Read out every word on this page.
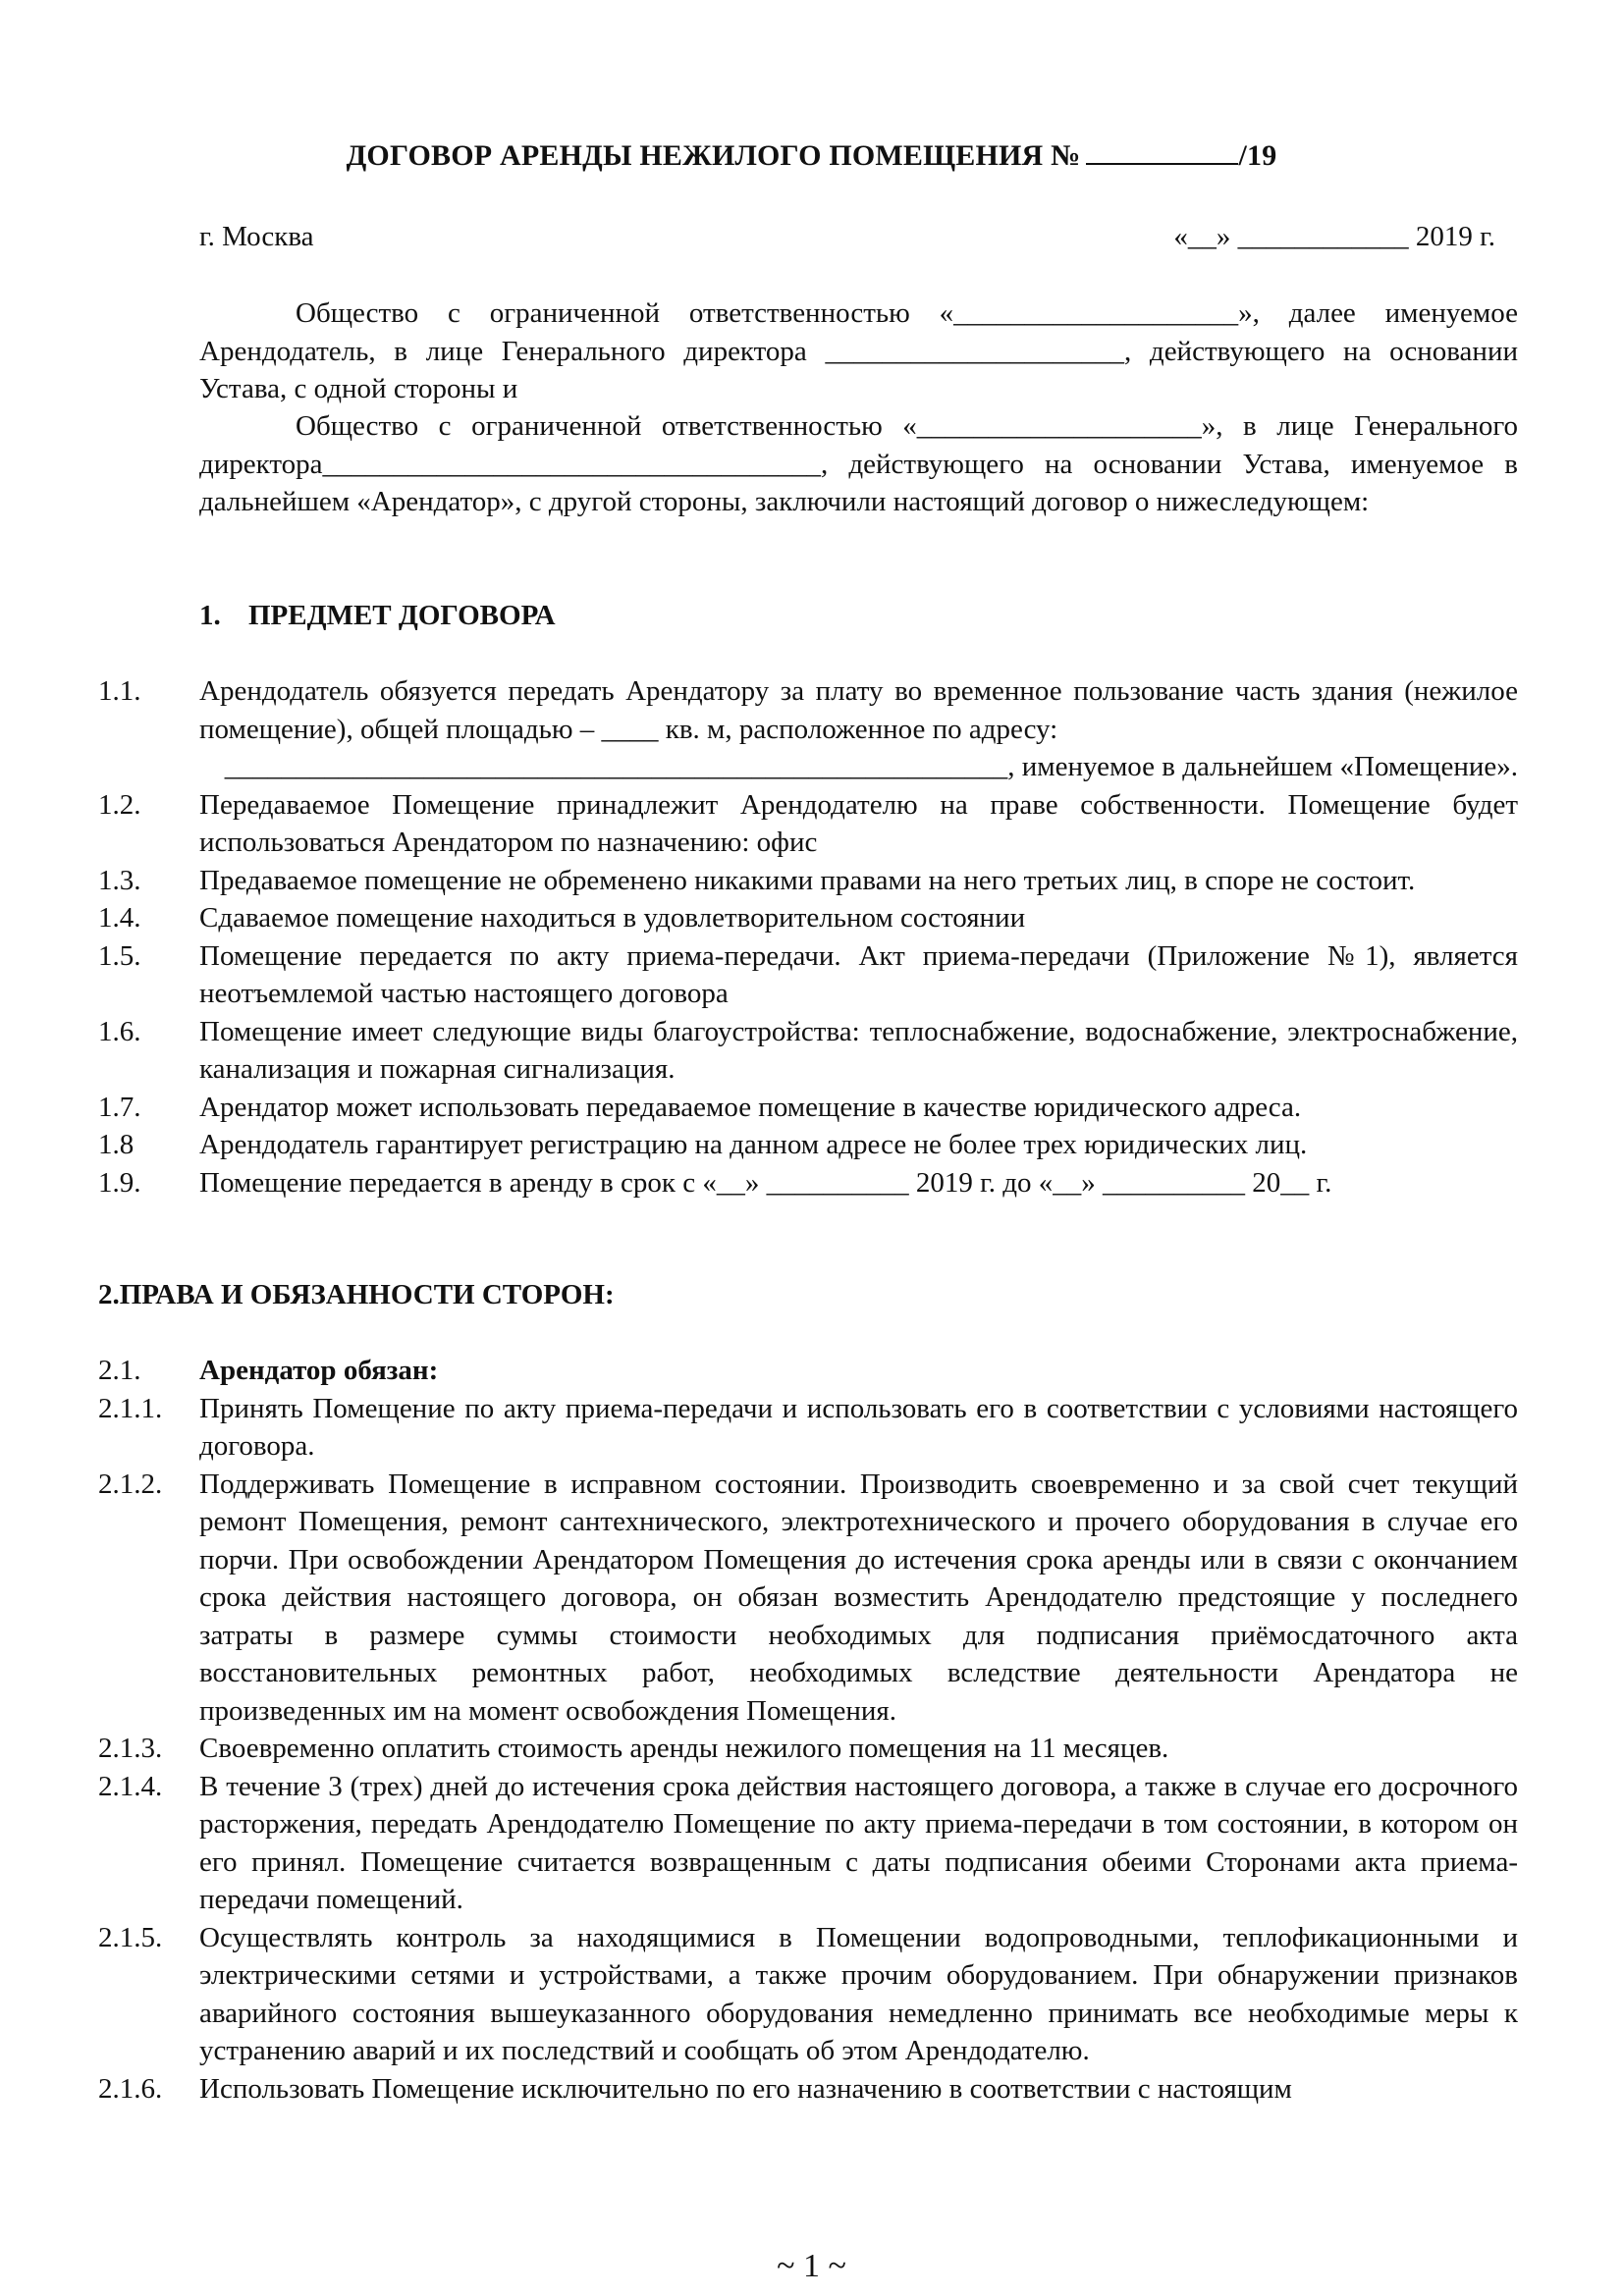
ДОГОВОР АРЕНДЫ НЕЖИЛОГО ПОМЕЩЕНИЯ №	/19
г. Москва	«__» ____________ 2019 г.

Общество с ограниченной ответственностью «____________________», далее именуемое Арендодатель, в лице Генерального директора _____________________, действующего на основании Устава, с одной стороны и

Общество с ограниченной ответственностью «____________________», в лице Генерального директора___________________________________, действующего на основании Устава, именуемое в дальнейшем «Арендатор», с другой стороны, заключили настоящий договор о нижеследующем:

1. ПРЕДМЕТ ДОГОВОРА
1.1.	Арендодатель обязуется передать Арендатору за плату во временное пользование часть здания (нежилое помещение), общей площадью – ____ кв. м, расположенное по адресу:
_______________________________________________________, именуемое в дальнейшем «Помещение».
1.2.	Передаваемое Помещение принадлежит Арендодателю на праве собственности. Помещение будет использоваться Арендатором по назначению: офис
1.3.	Предаваемое помещение не обременено никакими правами на него третьих лиц, в споре не состоит.
1.4.	Сдаваемое помещение находиться в удовлетворительном состоянии
1.5.	Помещение передается по акту приема-передачи. Акт приема-передачи (Приложение №1), является неотъемлемой частью настоящего договора
1.6.	Помещение имеет следующие виды благоустройства: теплоснабжение, водоснабжение, электроснабжение, канализация и пожарная сигнализация.
1.7.	Арендатор может использовать передаваемое помещение в качестве юридического адреса.
1.8	Арендодатель гарантирует регистрацию на данном адресе не более трех юридических лиц.
1.9.	Помещение передается в аренду в срок с «__» __________ 2019 г. до «__» __________ 20__ г.
2.ПРАВА И ОБЯЗАННОСТИ СТОРОН:
2.1.	Арендатор обязан:
2.1.1.	Принять Помещение по акту приема-передачи и использовать его в соответствии с условиями настоящего договора.
2.1.2.	Поддерживать Помещение в исправном состоянии. Производить своевременно и за свой счет текущий ремонт Помещения, ремонт сантехнического, электротехнического и прочего оборудования в случае его порчи. При освобождении Арендатором Помещения до истечения срока аренды или в связи с окончанием срока действия настоящего договора, он обязан возместить Арендодателю предстоящие у последнего затраты в размере суммы стоимости необходимых для подписания приёмосдаточного акта восстановительных ремонтных работ, необходимых вследствие деятельности Арендатора не произведенных им на момент освобождения Помещения.
2.1.3.	Своевременно оплатить стоимость аренды нежилого помещения на 11 месяцев.
2.1.4.	В течение 3 (трех) дней до истечения срока действия настоящего договора, а также в случае его досрочного расторжения, передать Арендодателю Помещение по акту приема-передачи в том состоянии, в котором он его принял. Помещение считается возвращенным с даты подписания обеими Сторонами акта приема-передачи помещений.
2.1.5.	Осуществлять контроль за находящимися в Помещении водопроводными, теплофикационными и электрическими сетями и устройствами, а также прочим оборудованием. При обнаружении признаков аварийного состояния вышеуказанного оборудования немедленно принимать все необходимые меры к устранению аварий и их последствий и сообщать об этом Арендодателю.
2.1.6.	Использовать Помещение исключительно по его назначению в соответствии с настоящим
~ 1 ~
